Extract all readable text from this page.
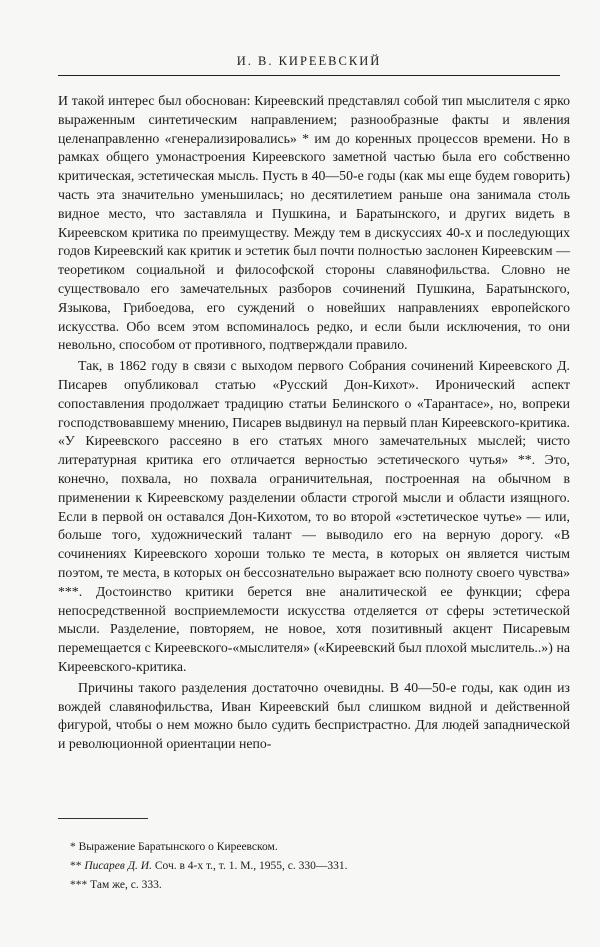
И. В. КИРЕЕВСКИЙ

И такой интерес был обоснован: Киреевский представлял собой тип мыслителя с ярко выраженным синтетическим направлением; разнообразные факты и явления целенаправленно «генерализировались» * им до коренных процессов времени. Но в рамках общего умонастроения Киреевского заметной частью была его собственно критическая, эстетическая мысль. Пусть в 40—50-е годы (как мы еще будем говорить) часть эта значительно уменьшилась; но десятилетием раньше она занимала столь видное место, что заставляла и Пушкина, и Баратынского, и других видеть в Киреевском критика по преимуществу. Между тем в дискуссиях 40-х и последующих годов Киреевский как критик и эстетик был почти полностью заслонен Киреевским — теоретиком социальной и философской стороны славянофильства. Словно не существовало его замечательных разборов сочинений Пушкина, Баратынского, Языкова, Грибоедова, его суждений о новейших направлениях европейского искусства. Обо всем этом вспоминалось редко, и если были исключения, то они невольно, способом от противного, подтверждали правило.

Так, в 1862 году в связи с выходом первого Собрания сочинений Киреевского Д. Писарев опубликовал статью «Русский Дон-Кихот». Иронический аспект сопоставления продолжает традицию статьи Белинского о «Тарантасе», но, вопреки господствовавшему мнению, Писарев выдвинул на первый план Киреевского-критика. «У Киреевского рассеяно в его статьях много замечательных мыслей; чисто литературная критика его отличается верностью эстетического чутья» **. Это, конечно, похвала, но похвала ограничительная, построенная на обычном в применении к Киреевскому разделении области строгой мысли и области изящного. Если в первой он оставался Дон-Кихотом, то во второй «эстетическое чутье» — или, больше того, художнический талант — выводило его на верную дорогу. «В сочинениях Киреевского хороши только те места, в которых он является чистым поэтом, те места, в которых он бессознательно выражает всю полноту своего чувства» ***. Достоинство критики берется вне аналитической ее функции; сфера непосредственной восприемлемости искусства отделяется от сферы эстетической мысли. Разделение, повторяем, не новое, хотя позитивный акцент Писаревым перемещается с Киреевского-«мыслителя» («Киреевский был плохой мыслитель..») на Киреевского-критика.

Причины такого разделения достаточно очевидны. В 40—50-е годы, как один из вождей славянофильства, Иван Киреевский был слишком видной и действенной фигурой, чтобы о нем можно было судить беспристрастно. Для людей западнической и революционной ориентации непо-

* Выражение Баратынского о Киреевском.

** Писарев Д. И. Соч. в 4-х т., т. 1. М., 1955, с. 330—331.

*** Там же, с. 333.
